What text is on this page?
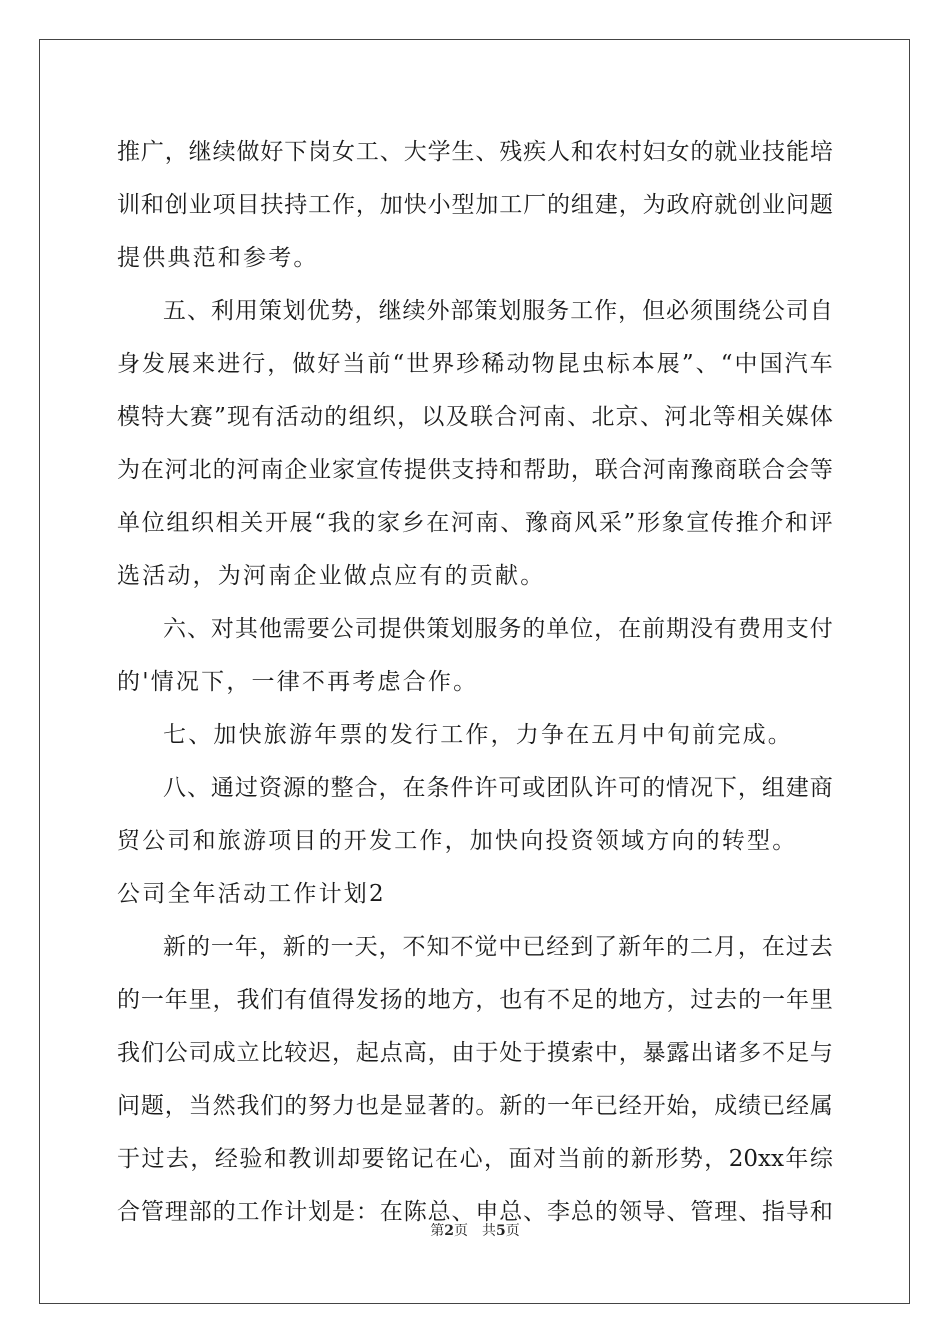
推 广 ， 继 续 做 好 下 岗 女 工 、 大 学 生 、 残 疾 人 和 农 村 妇 女 的 就 业 技 能 培
训 和 创 业 项 目 扶 持 工 作 ， 加 快 小 型 加 工 厂 的 组 建 ， 为 政 府 就 创 业 问 题
提供典范和参考。
五 、 利 用 策 划 优 势 ， 继 续 外 部 策 划 服 务 工 作 ， 但 必 须 围 绕 公 司 自
身 发 展 来 进 行 ， 做 好 当 前 “ 世 界 珍 稀 动 物 昆 虫 标 本 展 ” 、 “ 中 国 汽 车
模 特 大 赛 ” 现 有 活 动 的 组 织 ， 以 及 联 合 河 南 、 北 京 、 河 北 等 相 关 媒 体
为 在 河 北 的 河 南 企 业 家 宣 传 提 供 支 持 和 帮 助 ， 联 合 河 南 豫 商 联 合 会 等
单 位 组 织 相 关 开 展 “ 我 的 家 乡 在 河 南 、 豫 商 风 采 ” 形 象 宣 传 推 介 和 评
选活动，为河南企业做点应有的贡献。
六 、 对 其 他 需 要 公 司 提 供 策 划 服 务 的 单 位 ， 在 前 期 没 有 费 用 支 付
的'情况下，一律不再考虑合作。
七、加快旅游年票的发行工作，力争在五月中旬前完成。
八 、 通 过 资 源 的 整 合 ， 在 条 件 许 可 或 团 队 许 可 的 情 况 下 ， 组 建 商
贸公司和旅游项目的开发工作，加快向投资领域方向的转型。
公司全年活动工作计划2
新 的 一 年 ， 新 的 一 天 ， 不 知 不 觉 中 已 经 到 了 新 年 的 二 月 ， 在 过 去
的 一 年 里 ， 我 们 有 值 得 发 扬 的 地 方 ， 也 有 不 足 的 地 方 ， 过 去 的 一 年 里
我 们 公 司 成 立 比 较 迟 ， 起 点 高 ， 由 于 处 于 摸 索 中 ， 暴 露 出 诸 多 不 足 与
问 题 ， 当 然 我 们 的 努 力 也 是 显 著 的 。 新 的 一 年 已 经 开 始 ， 成 绩 已 经 属
于 过 去 ， 经 验 和 教 训 却 要 铭 记 在 心 ， 面 对 当 前 的 新 形 势 ， 20xx 年 综
合 管 理 部 的 工 作 计 划 是 ： 在 陈 总 、 申 总 、 李 总 的 领 导 、 管 理 、 指 导 和
第2页　共5页
